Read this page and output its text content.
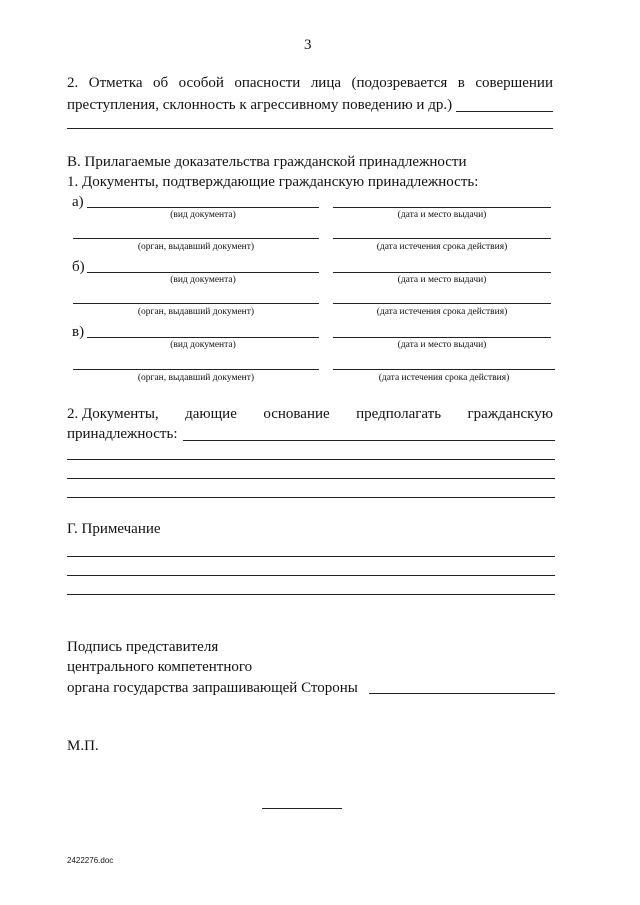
3
2. Отметка об особой опасности лица (подозревается в совершении
преступления, склонность к агрессивному поведению и др.)
В. Прилагаемые доказательства гражданской принадлежности
1. Документы, подтверждающие гражданскую принадлежность:
а)
(вид документа)	(дата и место выдачи)
(орган, выдавший документ)	(дата истечения срока действия)
б)
(вид документа)	(дата и место выдачи)
(орган, выдавший документ)	(дата истечения срока действия)
в)
(вид документа)	(дата и место выдачи)
(орган, выдавший документ)	(дата истечения срока действия)
2. Документы, дающие основание предполагать гражданскую
принадлежность:
Г. Примечание
Подпись представителя
центрального компетентного
органа государства запрашивающей Стороны
М.П.
2422276.doc
